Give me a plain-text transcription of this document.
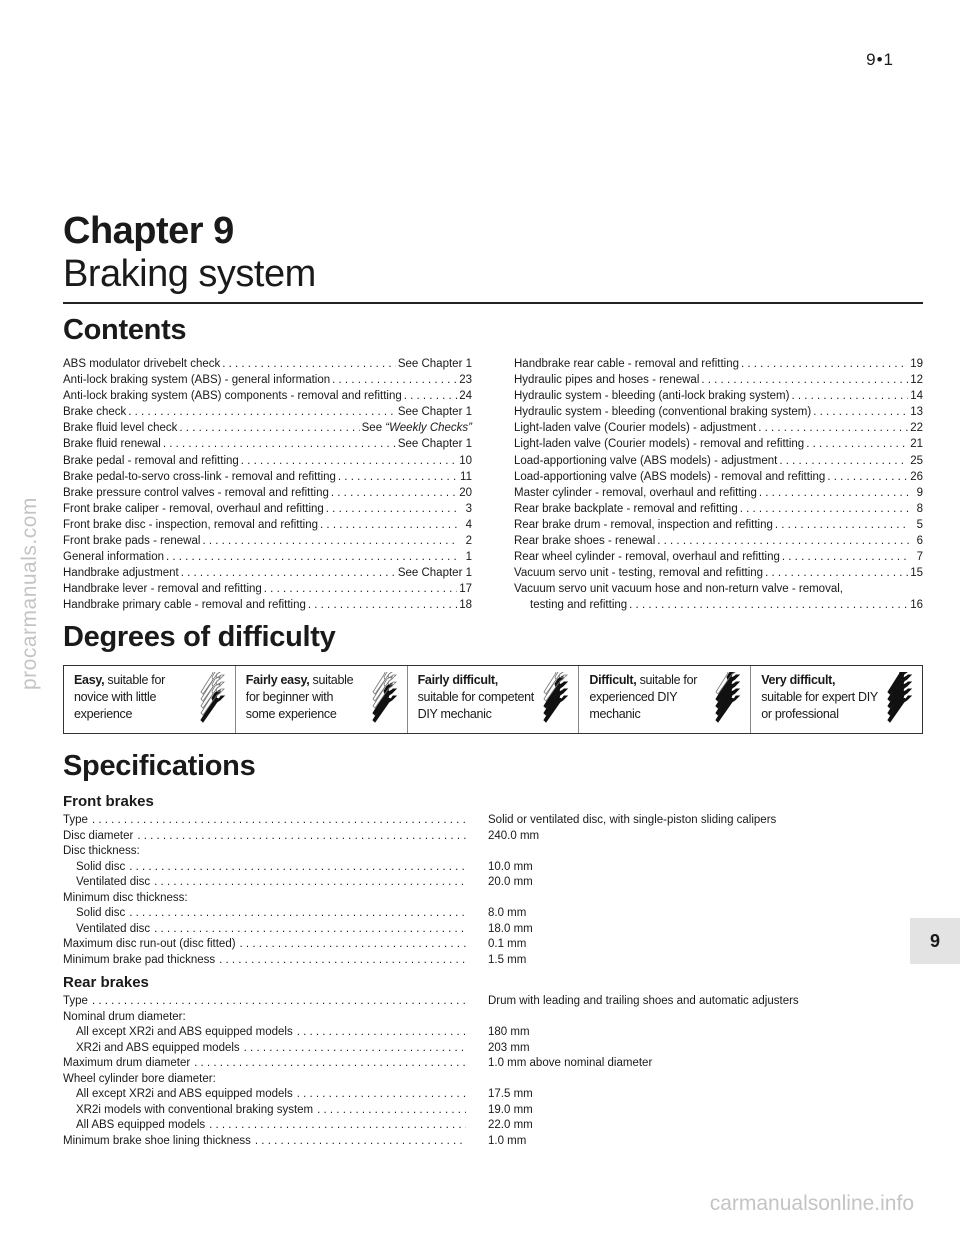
9•1
procarmanuals.com
carmanualsonline.info
9
Chapter 9
Braking system
Contents
ABS modulator drivebelt check . . .	See Chapter 1
Anti-lock braking system (ABS) - general information . . .	23
Anti-lock braking system (ABS) components - removal and refitting . . .	24
Brake check . . .	See Chapter 1
Brake fluid level check . . .	See “Weekly Checks”
Brake fluid renewal . . .	See Chapter 1
Brake pedal - removal and refitting . . .	10
Brake pedal-to-servo cross-link - removal and refitting . . .	11
Brake pressure control valves - removal and refitting . . .	20
Front brake caliper - removal, overhaul and refitting . . .	3
Front brake disc - inspection, removal and refitting . . .	4
Front brake pads - renewal . . .	2
General information . . .	1
Handbrake adjustment . . .	See Chapter 1
Handbrake lever - removal and refitting . . .	17
Handbrake primary cable - removal and refitting . . .	18
Handbrake rear cable - removal and refitting . . .	19
Hydraulic pipes and hoses - renewal . . .	12
Hydraulic system - bleeding (anti-lock braking system) . . .	14
Hydraulic system - bleeding (conventional braking system) . . .	13
Light-laden valve (Courier models) - adjustment . . .	22
Light-laden valve (Courier models) - removal and refitting . . .	21
Load-apportioning valve (ABS models) - adjustment . . .	25
Load-apportioning valve (ABS models) - removal and refitting . . .	26
Master cylinder - removal, overhaul and refitting . . .	9
Rear brake backplate - removal and refitting . . .	8
Rear brake drum - removal, inspection and refitting . . .	5
Rear brake shoes - renewal . . .	6
Rear wheel cylinder - removal, overhaul and refitting . . .	7
Vacuum servo unit - testing, removal and refitting . . .	15
Vacuum servo unit vacuum hose and non-return valve - removal,
testing and refitting . . .	16
Degrees of difficulty
Easy, suitable for
novice with little
experience
Fairly easy, suitable
for beginner with
some experience
Fairly difficult,
suitable for competent
DIY mechanic
Difficult, suitable for
experienced DIY
mechanic
Very difficult,
suitable for expert DIY
or professional
Specifications
Front brakes
Type . . .	Solid or ventilated disc, with single-piston sliding calipers
Disc diameter . . .	240.0 mm
Disc thickness:
Solid disc . . .	10.0 mm
Ventilated disc . . .	20.0 mm
Minimum disc thickness:
Solid disc . . .	8.0 mm
Ventilated disc . . .	18.0 mm
Maximum disc run-out (disc fitted) . . .	0.1 mm
Minimum brake pad thickness . . .	1.5 mm
Rear brakes
Type . . .	Drum with leading and trailing shoes and automatic adjusters
Nominal drum diameter:
All except XR2i and ABS equipped models . . .	180 mm
XR2i and ABS equipped models . . .	203 mm
Maximum drum diameter . . .	1.0 mm above nominal diameter
Wheel cylinder bore diameter:
All except XR2i and ABS equipped models . . .	17.5 mm
XR2i models with conventional braking system . . .	19.0 mm
All ABS equipped models . . .	22.0 mm
Minimum brake shoe lining thickness . . .	1.0 mm
